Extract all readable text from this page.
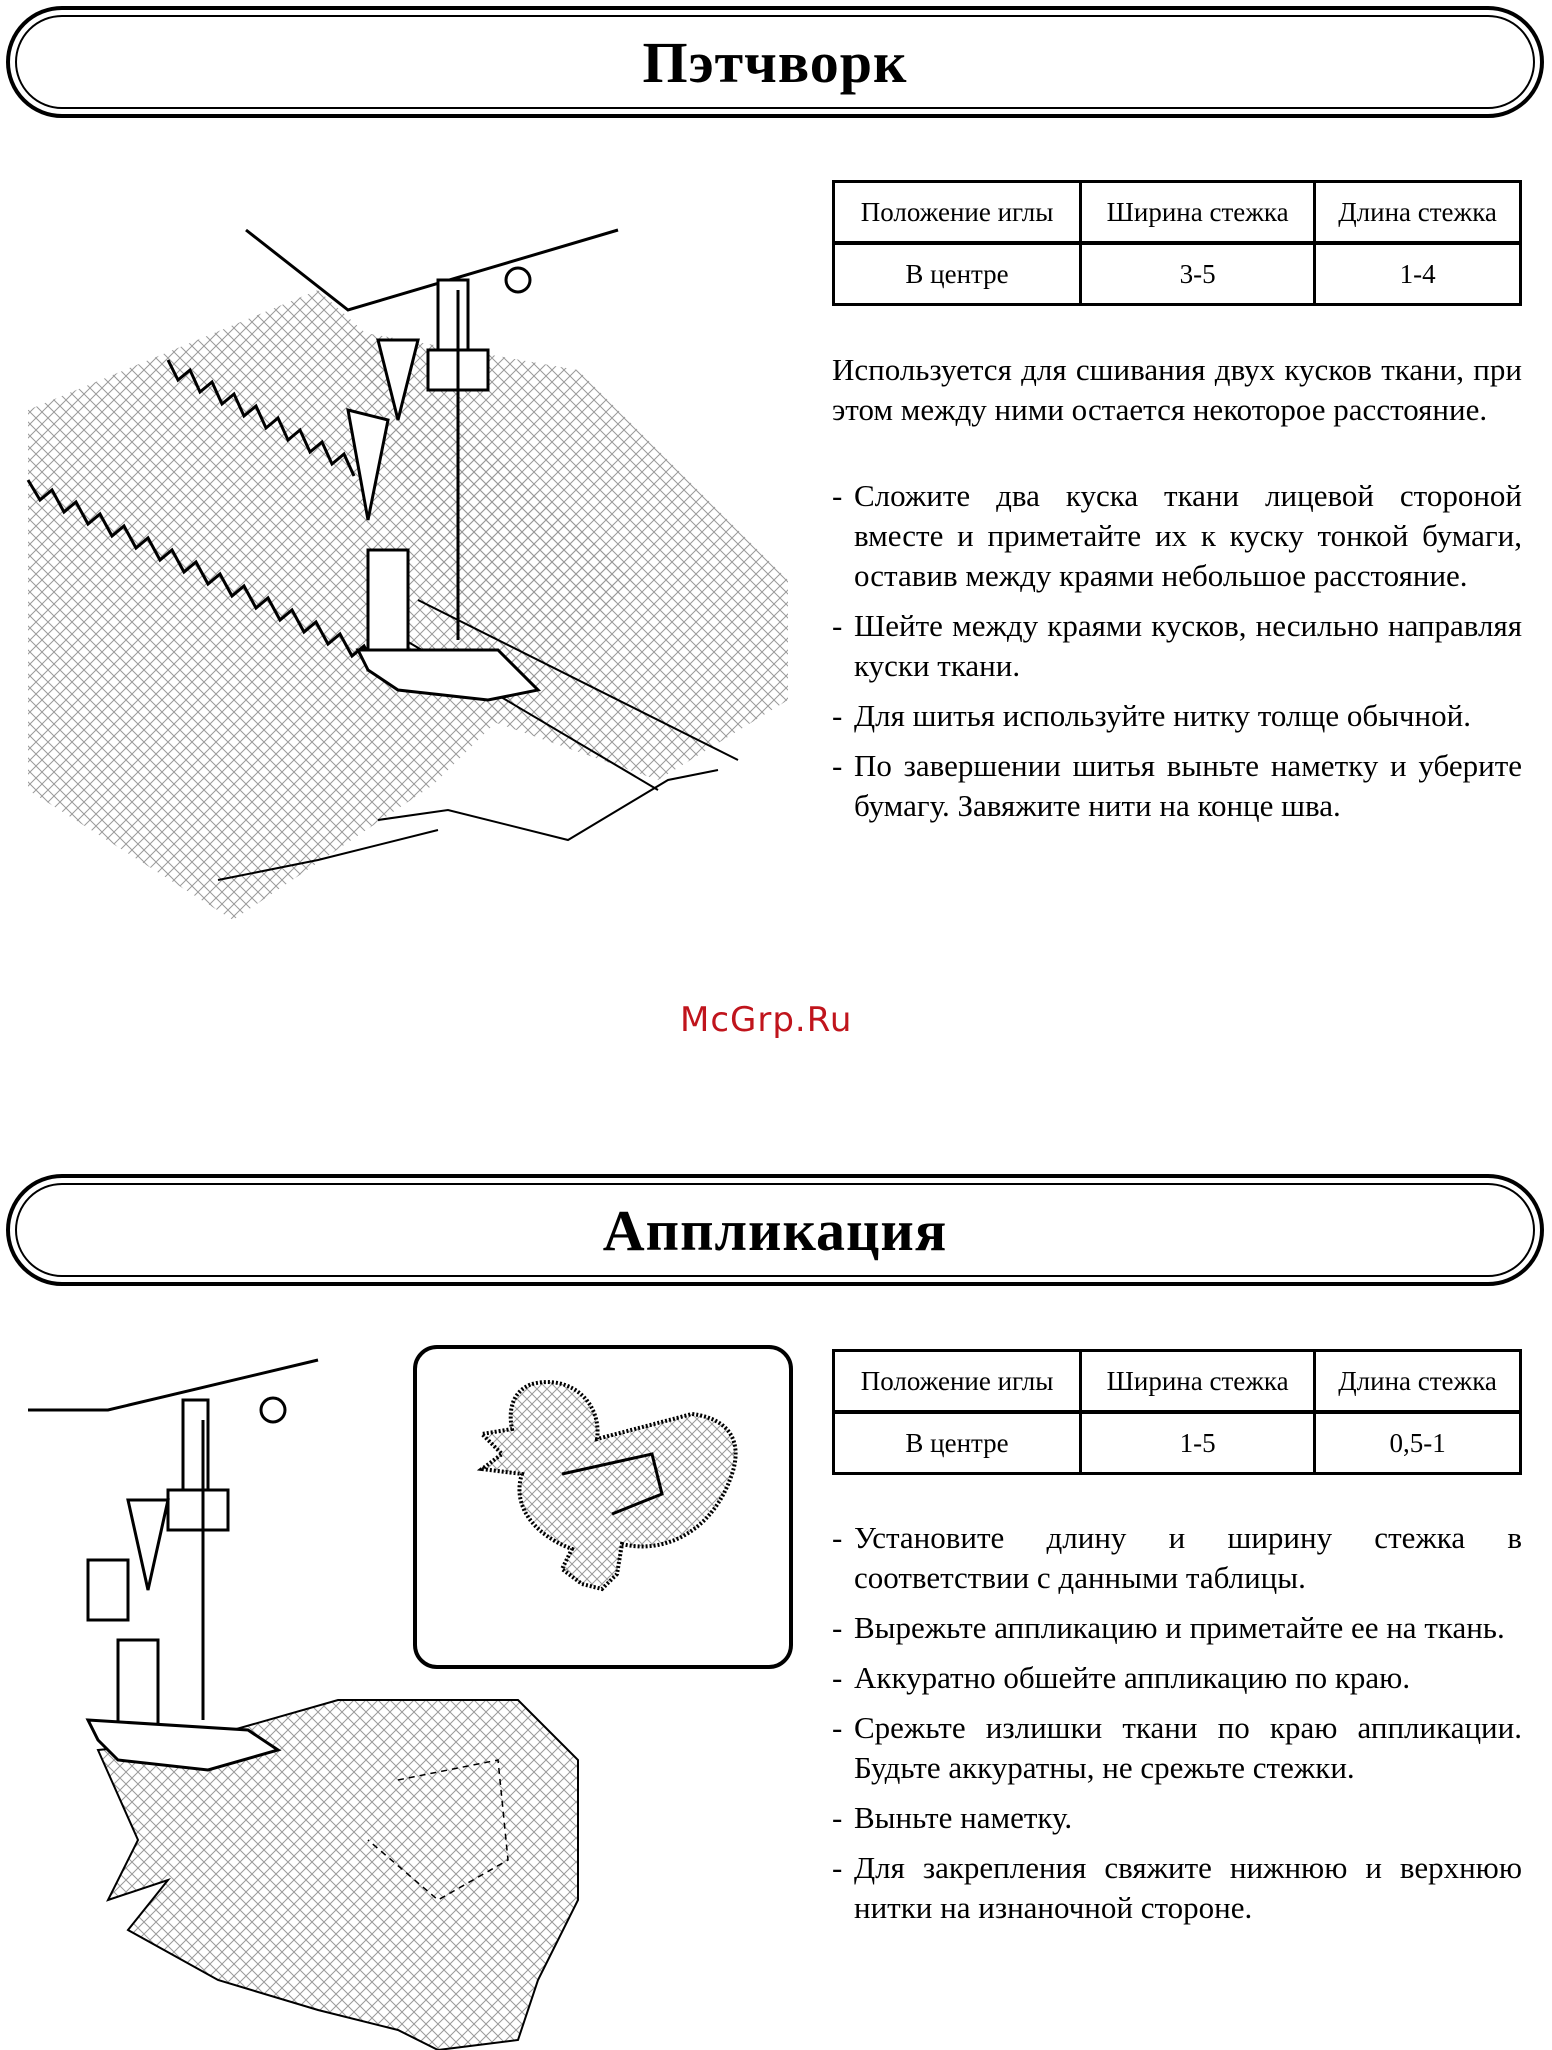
Пэтчворк
Положение иглы	Ширина стежка	Длина стежка
В центре	3-5	1-4

Используется для сшивания двух кусков ткани, при этом между ними остается некоторое расстояние.

- Сложите два куска ткани лицевой стороной вместе и приметайте их к куску тонкой бумаги, оставив между краями небольшое расстояние.
- Шейте между краями кусков, несильно направляя куски ткани.
- Для шитья используйте нитку толще обычной.
- По завершении шитья выньте наметку и уберите бумагу. Завяжите нити на конце шва.
McGrp.Ru
Аппликация
Положение иглы	Ширина стежка	Длина стежка
В центре	1-5	0,5-1
- Установите длину и ширину стежка в соответствии с данными таблицы.
- Вырежьте аппликацию и приметайте ее на ткань.
- Аккуратно обшейте аппликацию по краю.
- Срежьте излишки ткани по краю аппликации. Будьте аккуратны, не срежьте стежки.
- Выньте наметку.
- Для закрепления свяжите нижнюю и верхнюю нитки на изнаночной стороне.
